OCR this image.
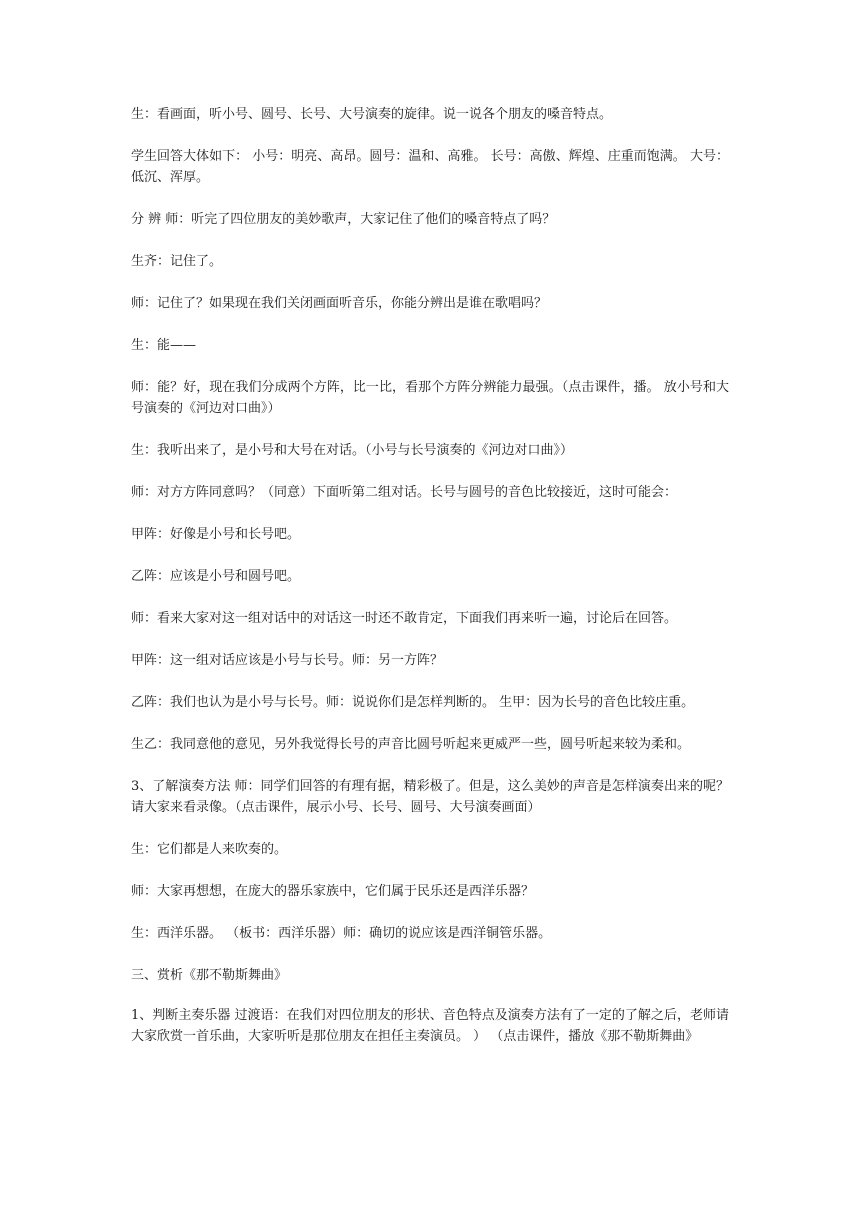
生：看画面，听小号、圆号、长号、大号演奏的旋律。说一说各个朋友的嗓音特点。

学生回答大体如下： 小号：明亮、高昂。圆号：温和、高雅。 长号：高傲、辉煌、庄重而饱满。 大号：低沉、浑厚。

分 辨 师：听完了四位朋友的美妙歌声，大家记住了他们的嗓音特点了吗？

生齐：记住了。

师：记住了？如果现在我们关闭画面听音乐，你能分辨出是谁在歌唱吗？

生：能——

师：能？好，现在我们分成两个方阵，比一比，看那个方阵分辨能力最强。（点击课件，播。 放小号和大号演奏的《河边对口曲》）

生：我听出来了，是小号和大号在对话。（小号与长号演奏的《河边对口曲》）

师：对方方阵同意吗？（同意）下面听第二组对话。长号与圆号的音色比较接近，这时可能会：

甲阵：好像是小号和长号吧。

乙阵：应该是小号和圆号吧。

师：看来大家对这一组对话中的对话这一时还不敢肯定，下面我们再来听一遍，讨论后在回答。

甲阵：这一组对话应该是小号与长号。师：另一方阵？

乙阵：我们也认为是小号与长号。师：说说你们是怎样判断的。 生甲：因为长号的音色比较庄重。

生乙：我同意他的意见，另外我觉得长号的声音比圆号听起来更威严一些，圆号听起来较为柔和。

3、了解演奏方法 师：同学们回答的有理有据，精彩极了。但是，这么美妙的声音是怎样演奏出来的呢？请大家来看录像。（点击课件，展示小号、长号、圆号、大号演奏画面）

生：它们都是人来吹奏的。

师：大家再想想，在庞大的器乐家族中，它们属于民乐还是西洋乐器？

生：西洋乐器。 （板书：西洋乐器）师：确切的说应该是西洋铜管乐器。

三、赏析《那不勒斯舞曲》

1、判断主奏乐器 过渡语：在我们对四位朋友的形状、音色特点及演奏方法有了一定的了解之后，老师请大家欣赏一首乐曲，大家听听是那位朋友在担任主奏演员。 ） （点击课件，播放《那不勒斯舞曲》
